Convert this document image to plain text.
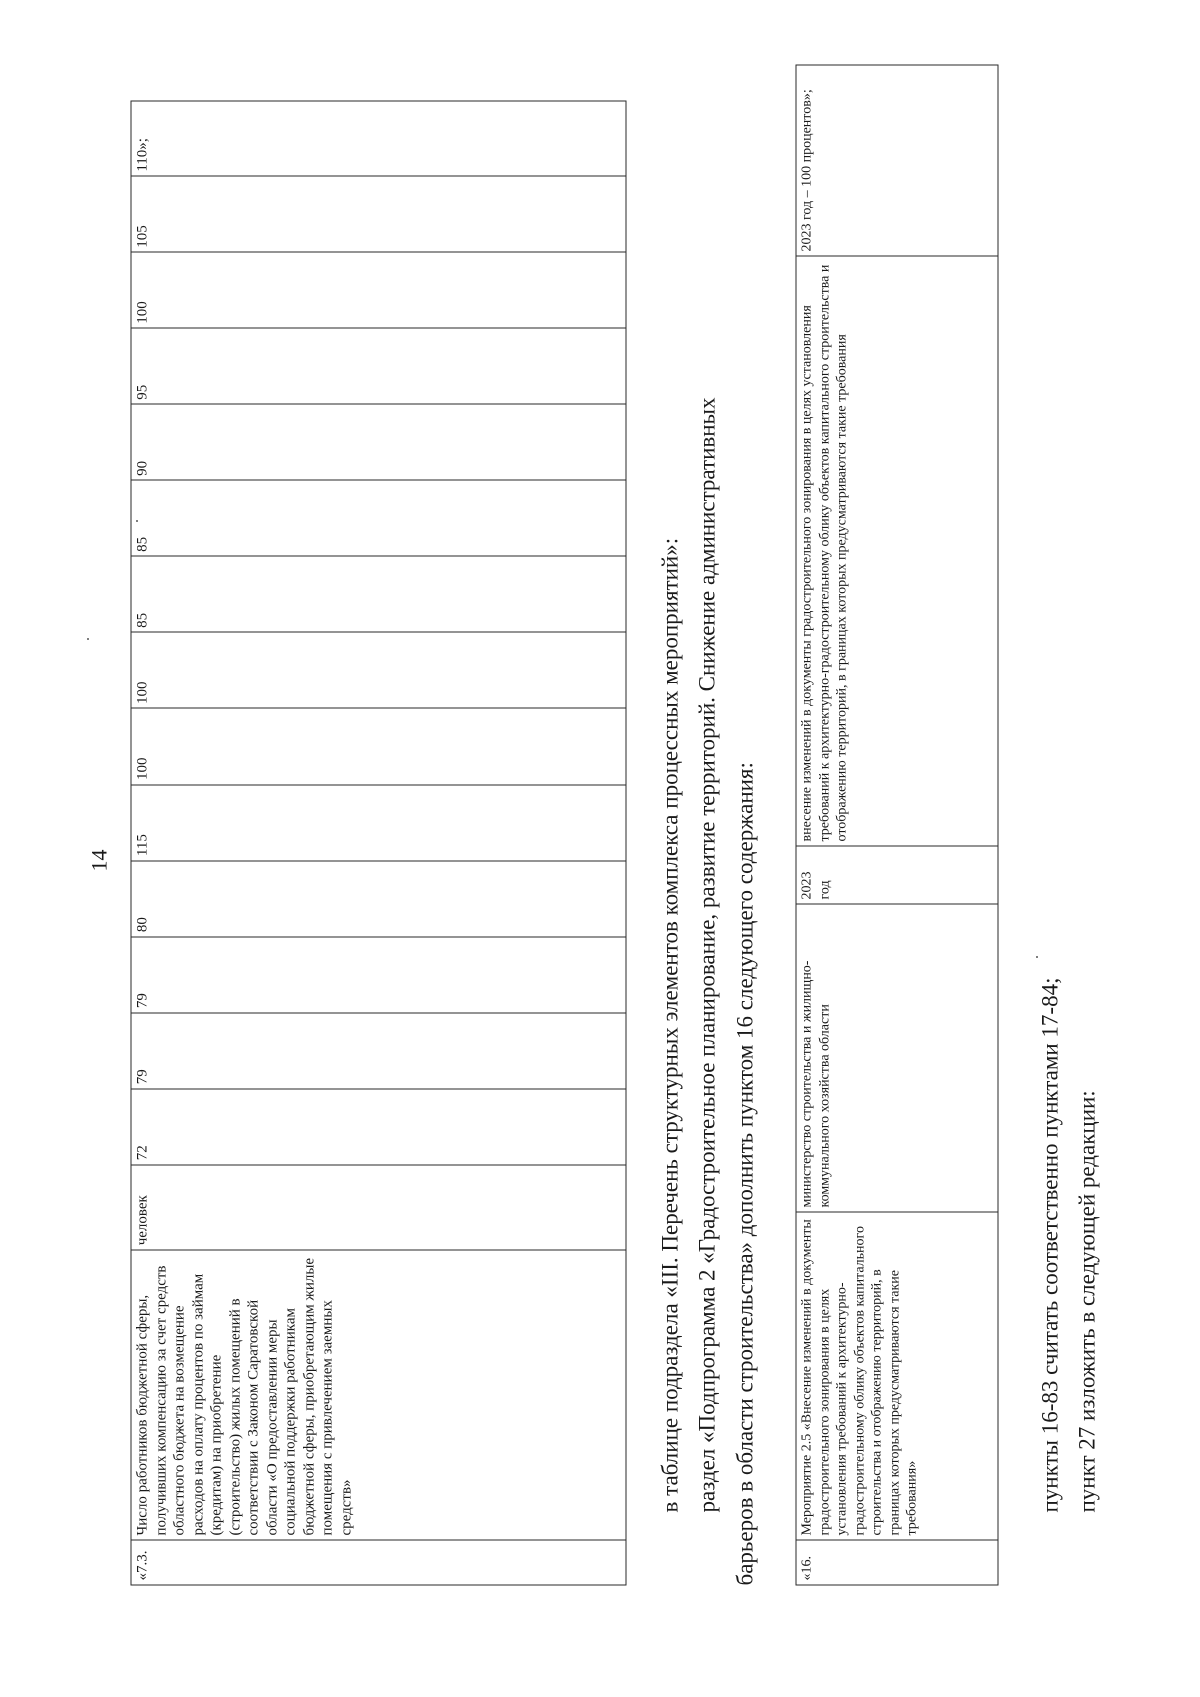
14
«7.3.	Число работников бюджетной сферы, получивших компенсацию за счет средств областного бюджета на возмещение расходов на оплату процентов по займам (кредитам) на приобретение (строительство) жилых помещений в соответствии с Законом Саратовской области «О предоставлении меры социальной поддержки работникам бюджетной сферы, приобретающим жилые помещения с привлечением заемных средств»	человек	72	79	79	80	115	100	100	85	85	90	95	100	105	110»;
в таблице подраздела «III. Перечень структурных элементов комплекса процессных мероприятий»: раздел «Подпрограмма 2 «Градостроительное планирование, развитие территорий. Снижение административных барьеров в области строительства» дополнить пунктом 16 следующего содержания:	«16.	Мероприятие 2.5 «Внесение изменений в документы градостроительного зонирования в целях установления требований к архитектурно-градостроительному облику объектов капитального строительства и отображению территорий, в границах которых предусматриваются такие требования»	министерство строительства и жилищно-коммунального хозяйства области	2023 год	внесение изменений в документы градостроительного зонирования в целях установления требований к архитектурно-градостроительному облику объектов капитального строительства и отображению территорий, в границах которых предусматриваются такие требования	2023 год – 100 процентов»;
пункты 16-83 считать соответственно пунктами 17-84; пункт 27 изложить в следующей редакции:
